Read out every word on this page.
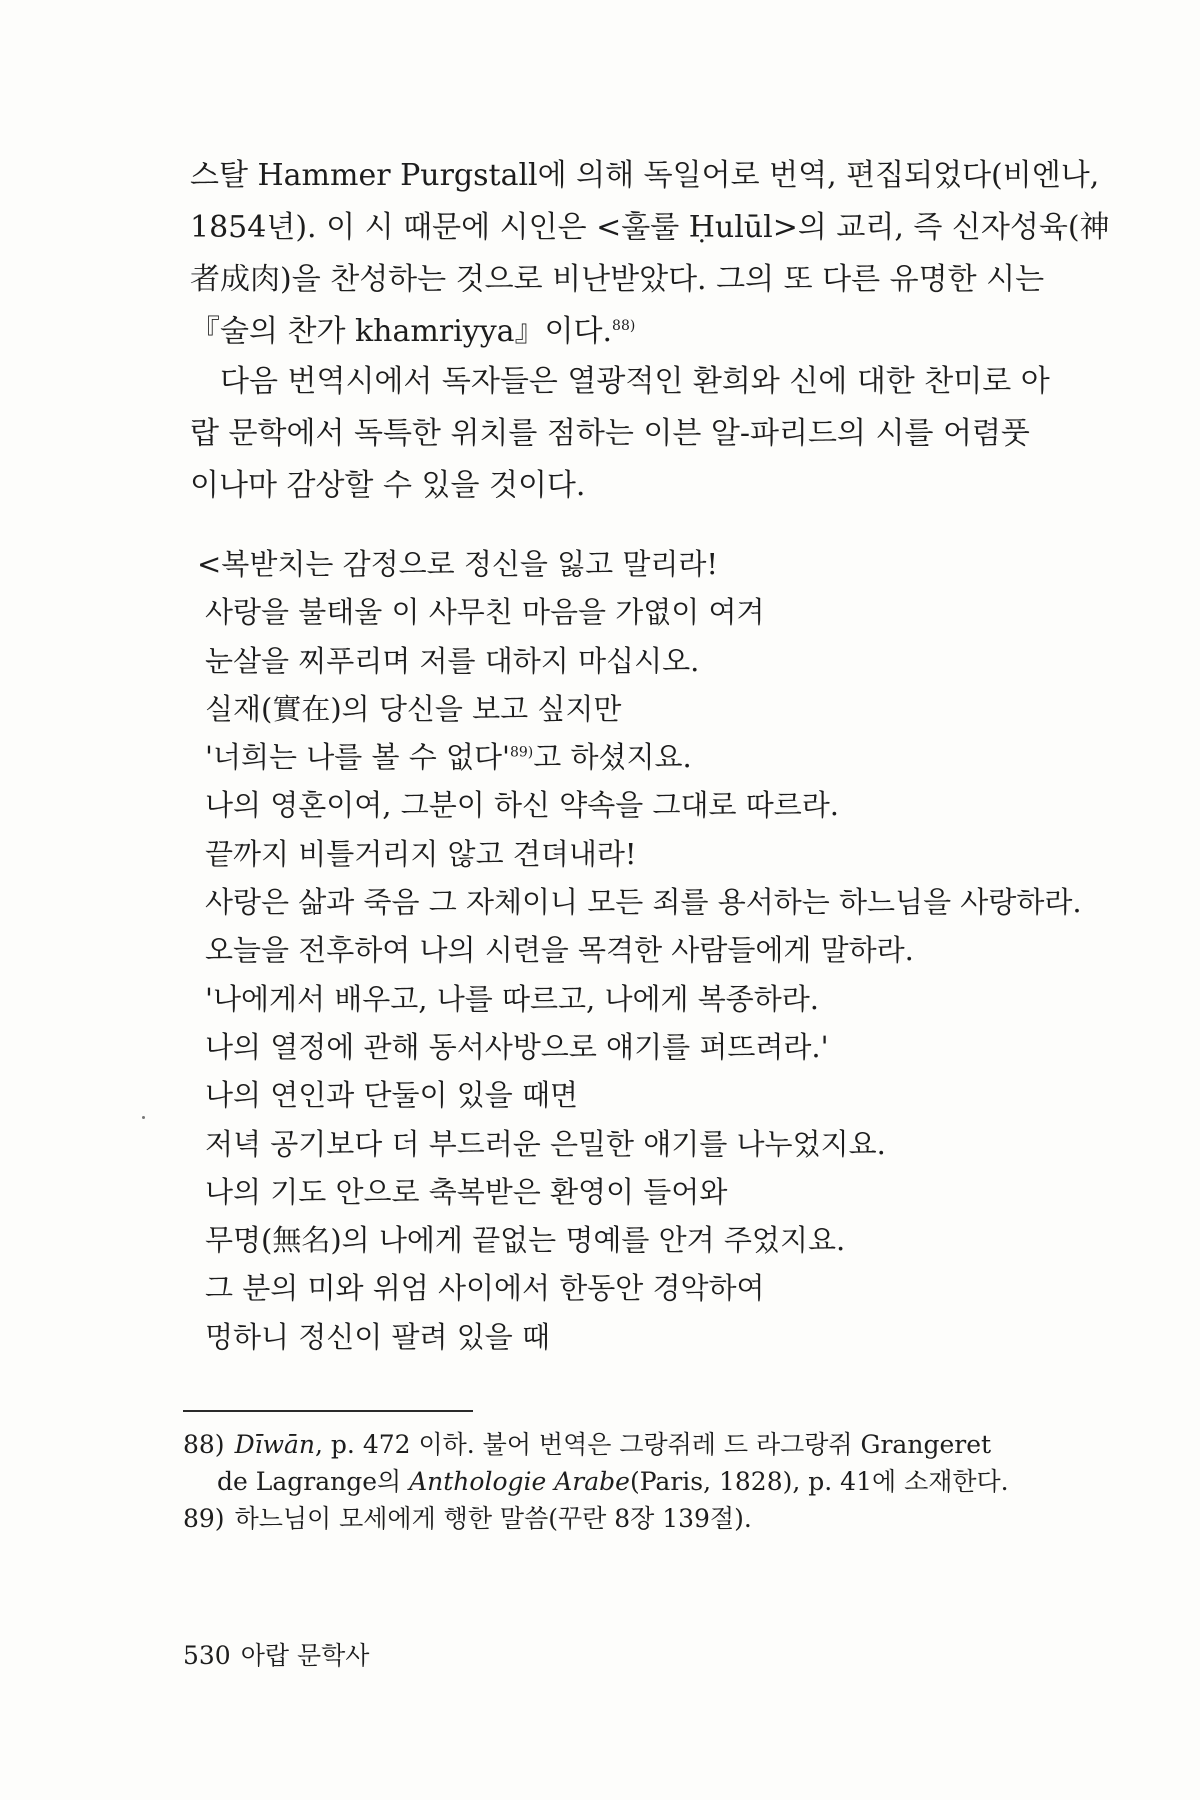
스탈 Hammer Purgstall에 의해 독일어로 번역, 편집되었다(비엔나,
1854년). 이 시 때문에 시인은 <훌룰 Ḥulūl>의 교리, 즉 신자성육(神
者成肉)을 찬성하는 것으로 비난받았다. 그의 또 다른 유명한 시는
『술의 찬가 khamriyya』이다.$^{88)}$

 다음 번역시에서 독자들은 열광적인 환희와 신에 대한 찬미로 아
랍 문학에서 독특한 위치를 점하는 이븐 알-파리드의 시를 어렴풋
이나마 감상할 수 있을 것이다.

<복받치는 감정으로 정신을 잃고 말리라!
사랑을 불태울 이 사무친 마음을 가엾이 여겨
눈살을 찌푸리며 저를 대하지 마십시오.
실재(實在)의 당신을 보고 싶지만
'너희는 나를 볼 수 없다'$^{89)}$고 하셨지요.
나의 영혼이여, 그분이 하신 약속을 그대로 따르라.
끝까지 비틀거리지 않고 견뎌내라!
사랑은 삶과 죽음 그 자체이니 모든 죄를 용서하는 하느님을 사랑하라.
오늘을 전후하여 나의 시련을 목격한 사람들에게 말하라.
'나에게서 배우고, 나를 따르고, 나에게 복종하라.
나의 열정에 관해 동서사방으로 얘기를 퍼뜨려라.'
나의 연인과 단둘이 있을 때면
저녁 공기보다 더 부드러운 은밀한 얘기를 나누었지요.
나의 기도 안으로 축복받은 환영이 들어와
무명(無名)의 나에게 끝없는 명예를 안겨 주었지요.
그 분의 미와 위엄 사이에서 한동안 경악하여
멍하니 정신이 팔려 있을 때
88) Dīwān, p. 472 이하. 불어 번역은 그랑쥐레 드 라그랑쥐 Grangeret
de Lagrange의 Anthologie Arabe(Paris, 1828), p. 41에 소재한다.
89) 하느님이 모세에게 행한 말씀(꾸란 8장 139절).
530 아랍 문학사
